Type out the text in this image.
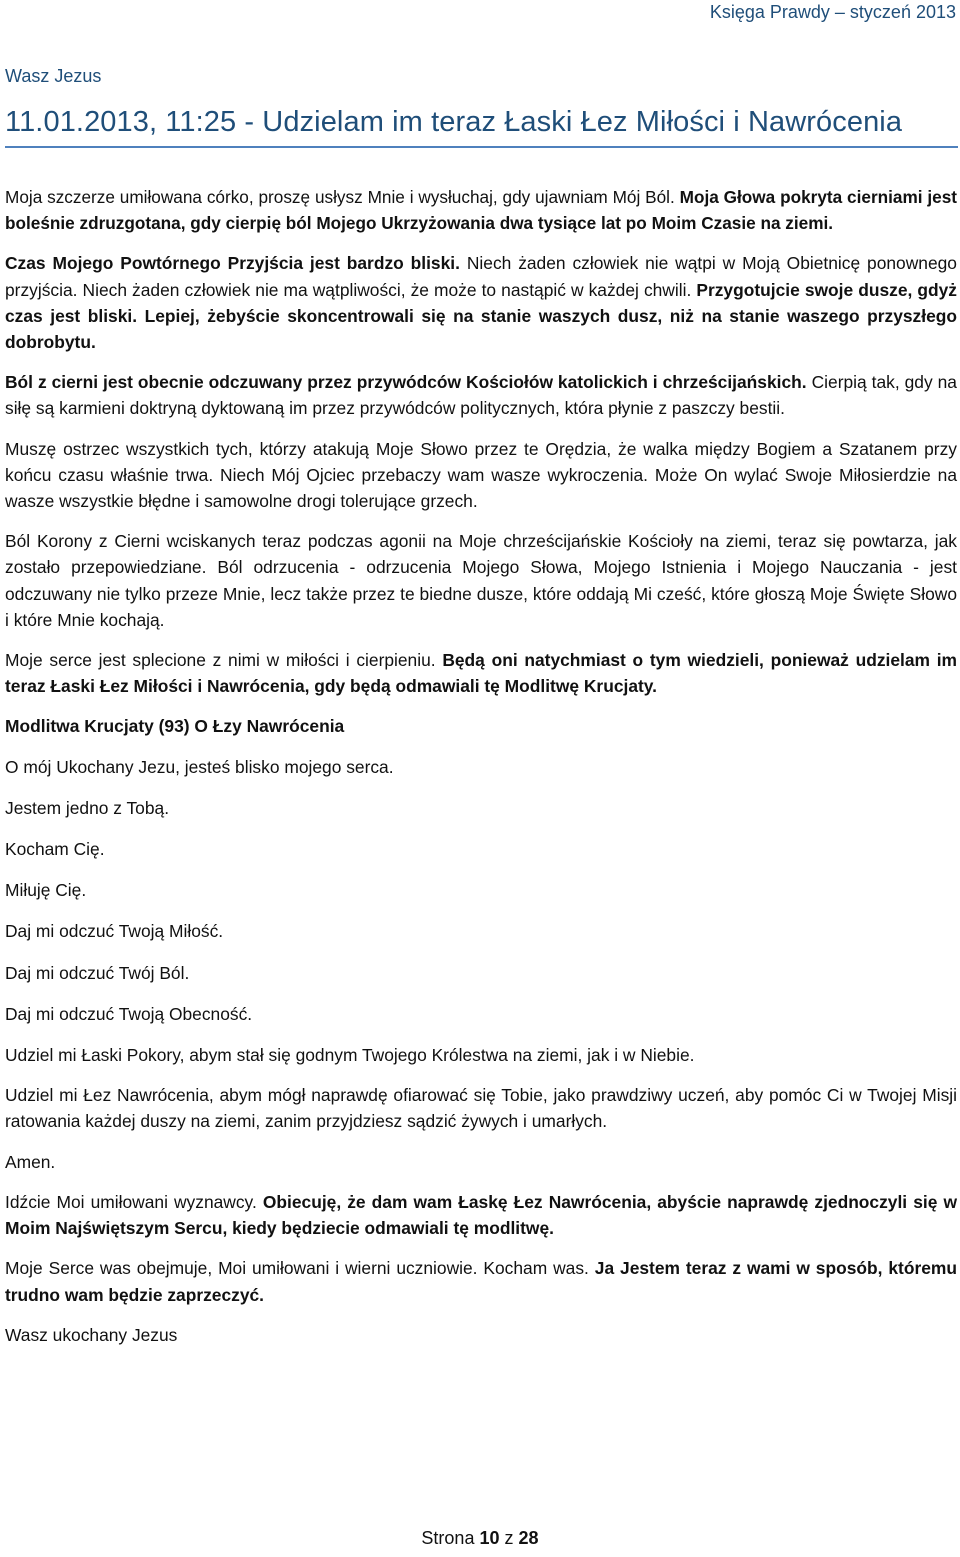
Księga Prawdy – styczeń 2013
Wasz Jezus
11.01.2013, 11:25 - Udzielam im teraz Łaski Łez Miłości i Nawrócenia

Moja szczerze umiłowana córko, proszę usłysz Mnie i wysłuchaj, gdy ujawniam Mój Ból. Moja Głowa pokryta cierniami jest boleśnie zdruzgotana, gdy cierpię ból Mojego Ukrzyżowania dwa tysiące lat po Moim Czasie na ziemi.

Czas Mojego Powtórnego Przyjścia jest bardzo bliski. Niech żaden człowiek nie wątpi w Moją Obietnicę ponownego przyjścia. Niech żaden człowiek nie ma wątpliwości, że może to nastąpić w każdej chwili. Przygotujcie swoje dusze, gdyż czas jest bliski. Lepiej, żebyście skoncentrowali się na stanie waszych dusz, niż na stanie waszego przyszłego dobrobytu.

Ból z cierni jest obecnie odczuwany przez przywódców Kościołów katolickich i chrześcijańskich. Cierpią tak, gdy na siłę są karmieni doktryną dyktowaną im przez przywódców politycznych, która płynie z paszczy bestii.

Muszę ostrzec wszystkich tych, którzy atakują Moje Słowo przez te Orędzia, że walka między Bogiem a Szatanem przy końcu czasu właśnie trwa. Niech Mój Ojciec przebaczy wam wasze wykroczenia. Może On wylać Swoje Miłosierdzie na wasze wszystkie błędne i samowolne drogi tolerujące grzech.

Ból Korony z Cierni wciskanych teraz podczas agonii na Moje chrześcijańskie Kościoły na ziemi, teraz się powtarza, jak zostało przepowiedziane. Ból odrzucenia - odrzucenia Mojego Słowa, Mojego Istnienia i Mojego Nauczania - jest odczuwany nie tylko przeze Mnie, lecz także przez te biedne dusze, które oddają Mi cześć, które głoszą Moje Święte Słowo i które Mnie kochają.

Moje serce jest splecione z nimi w miłości i cierpieniu. Będą oni natychmiast o tym wiedzieli, ponieważ udzielam im teraz Łaski Łez Miłości i Nawrócenia, gdy będą odmawiali tę Modlitwę Krucjaty.

Modlitwa Krucjaty (93) O Łzy Nawrócenia

O mój Ukochany Jezu, jesteś blisko mojego serca.

Jestem jedno z Tobą.

Kocham Cię.

Miłuję Cię.

Daj mi odczuć Twoją Miłość.

Daj mi odczuć Twój Ból.

Daj mi odczuć Twoją Obecność.

Udziel mi Łaski Pokory, abym stał się godnym Twojego Królestwa na ziemi, jak i w Niebie.

Udziel mi Łez Nawrócenia, abym mógł naprawdę ofiarować się Tobie, jako prawdziwy uczeń, aby pomóc Ci w Twojej Misji ratowania każdej duszy na ziemi, zanim przyjdziesz sądzić żywych i umarłych.

Amen.

Idźcie Moi umiłowani wyznawcy. Obiecuję, że dam wam Łaskę Łez Nawrócenia, abyście naprawdę zjednoczyli się w Moim Najświętszym Sercu, kiedy będziecie odmawiali tę modlitwę.

Moje Serce was obejmuje, Moi umiłowani i wierni uczniowie. Kocham was. Ja Jestem teraz z wami w sposób, któremu trudno wam będzie zaprzeczyć.

Wasz ukochany Jezus

Strona 10 z 28
